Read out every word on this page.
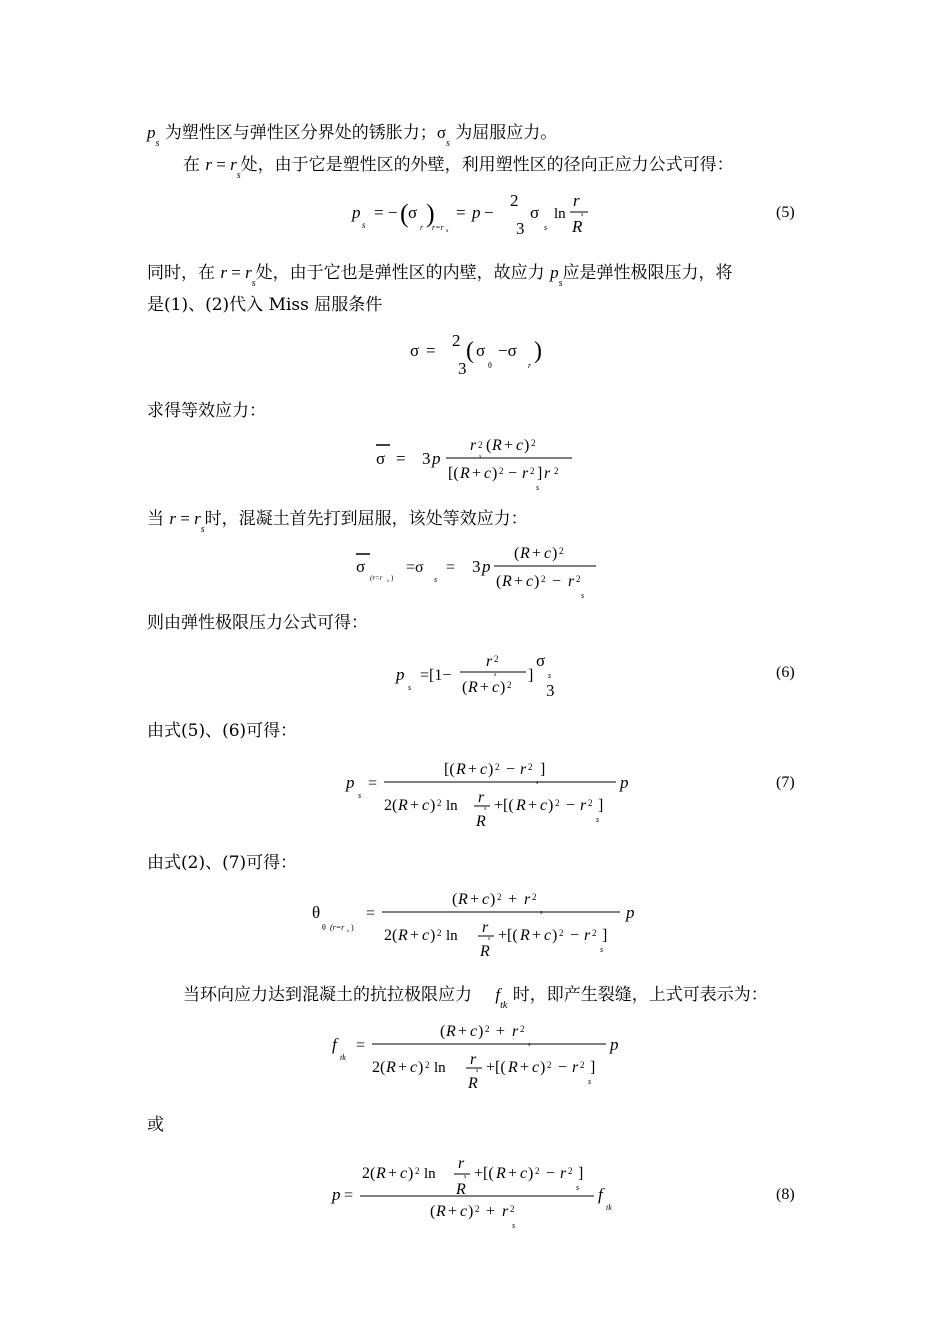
$p_s$ 为塑性区与弹性区分界处的锈胀力；$\sigma_s$ 为屈服应力。
在 $r = r_s$处，由于它是塑性区的外壁，利用塑性区的径向正应力公式可得：
p
s
= − ( σ )
r r=r s
= p −
2
3
σ
s
ln
r
s
R
(5)
同时，在 $r = r_s$处，由于它也是弹性区的内壁，故应力 $p_s$应是弹性极限压力，将
是(1)、(2)代入 Miss 屈服条件
σ =
2
3
( σ
θ
−σ
r
)
求得等效应力：
σ = 3 p
r 2
s
( R + c ) 2
[( R + c ) 2 − r 2
s
] r 2
当 $r = r_s$时，混凝土首先打到屈服，该处等效应力：
σ
(r=r s )
=σ
s
= 3 p
( R + c ) 2
( R + c ) 2 − r 2
s
则由弹性极限压力公式可得：
p
s
=[1−
r 2
s
( R + c ) 2
]
σ
s
3
(6)
由式(5)、(6)可得：
p
s
=
[( R + c ) 2 − r 2
s
]
p
2( R + c ) 2 ln r
s
R
+[( R + c ) 2 − r 2
s
]
(7)
由式(2)、(7)可得：
θ
θ (r=r s )
=
( R + c ) 2 + r 2
s	p
2( R + c ) 2 ln r
s
R
+[( R + c ) 2 − r 2
s
]
当环向应力达到混凝土的抗拉极限应力 $f_{tk}$ 时，即产生裂缝，上式可表示为：
f
tk
=
( R + c ) 2 + r 2
s	p
2( R + c ) 2 ln r
s
R
+[( R + c ) 2 − r 2
s
]
或
p =
2( R + c ) 2 ln
r
s
R
+[( R + c ) 2 − r 2
s
]
f
tk
( R + c ) 2 + r 2
s
(8)
